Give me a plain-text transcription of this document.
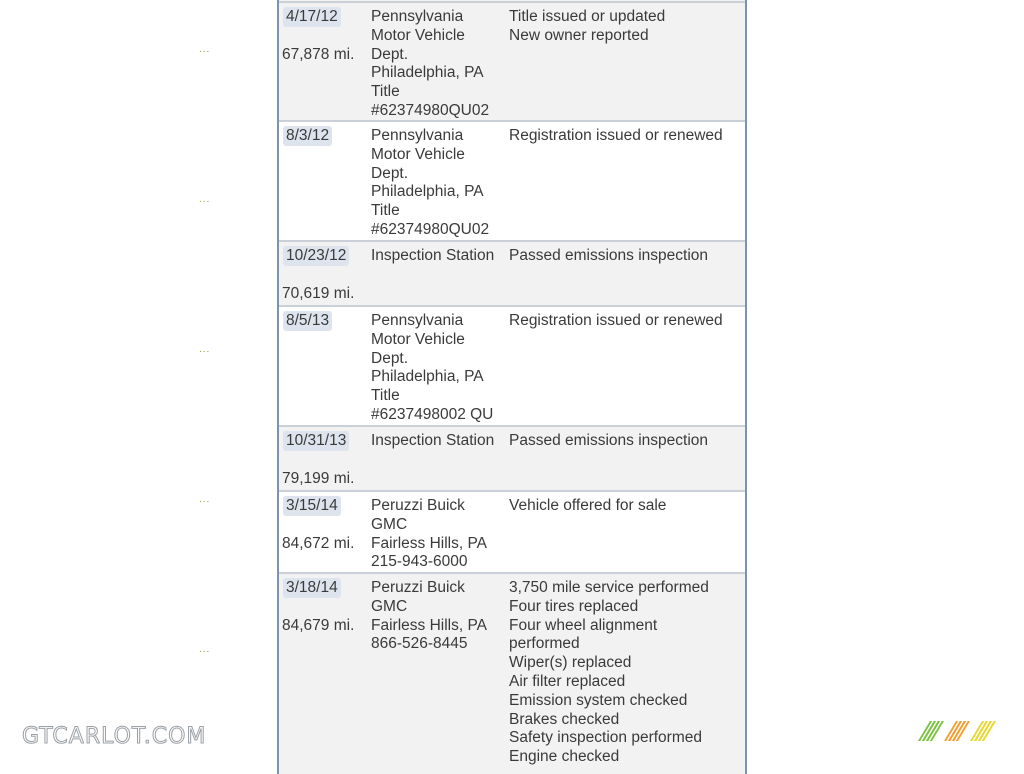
...
...
...
...
...
4/17/12
67,878 mi.
Pennsylvania
Motor Vehicle
Dept.
Philadelphia, PA
Title
#62374980QU02
Title issued or updated
New owner reported
8/3/12	Pennsylvania
Motor Vehicle
Dept.
Philadelphia, PA
Title
#62374980QU02
Registration issued or renewed
10/23/12
70,619 mi.
Inspection Station Passed emissions inspection
8/5/13	Pennsylvania
Motor Vehicle
Dept.
Philadelphia, PA
Title
#6237498002 QU
Registration issued or renewed
10/31/13
79,199 mi.
Inspection Station Passed emissions inspection
3/15/14
84,672 mi.
Peruzzi Buick
GMC
Fairless Hills, PA
215-943-6000
Vehicle offered for sale
3/18/14
84,679 mi.
Peruzzi Buick
GMC
Fairless Hills, PA
866-526-8445
3,750 mile service performed
Four tires replaced
Four wheel alignment
performed
Wiper(s) replaced
Air filter replaced
Emission system checked
Brakes checked
Safety inspection performed
Engine checked
GTCARLOT.COM
